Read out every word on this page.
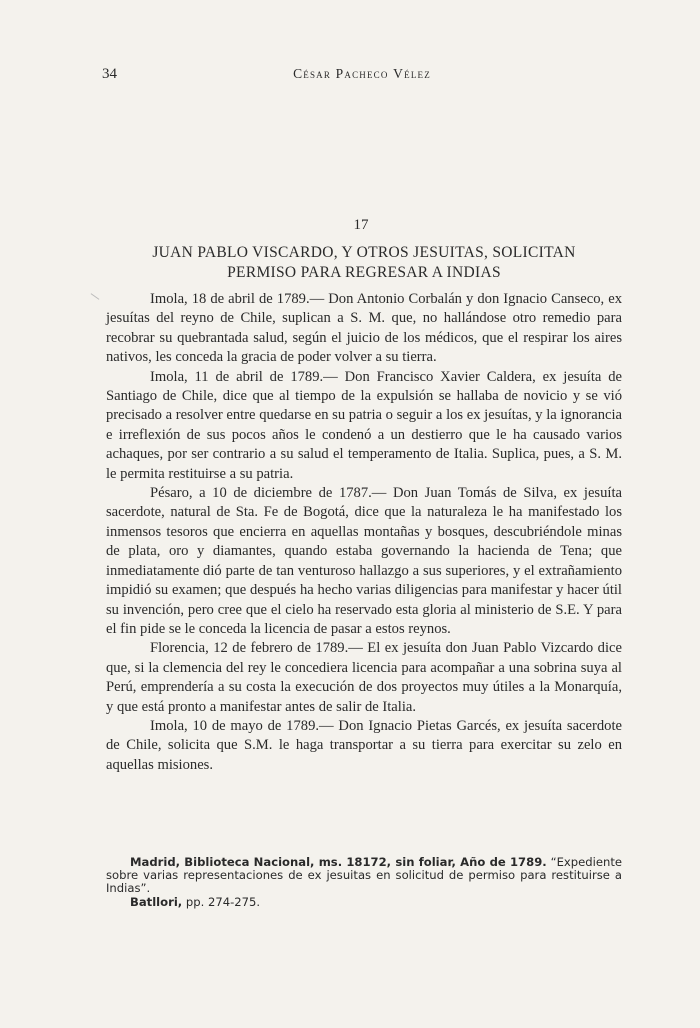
34	César Pacheco Vélez
17
JUAN PABLO VISCARDO, Y OTROS JESUITAS, SOLICITAN
PERMISO PARA REGRESAR A INDIAS

Imola, 18 de abril de 1789.— Don Antonio Corbalán y don Ignacio Canseco, ex jesuítas del reyno de Chile, suplican a S. M. que, no hallándose otro remedio para recobrar su quebrantada salud, según el juicio de los médicos, que el respirar los aires nativos, les conceda la gracia de poder volver a su tierra.

Imola, 11 de abril de 1789.— Don Francisco Xavier Caldera, ex jesuíta de Santiago de Chile, dice que al tiempo de la expulsión se hallaba de novicio y se vió precisado a resolver entre quedarse en su patria o seguir a los ex jesuítas, y la ignorancia e irreflexión de sus pocos años le condenó a un destierro que le ha causado varios achaques, por ser contrario a su salud el temperamento de Italia. Suplica, pues, a S. M. le permita restituirse a su patria.

Pésaro, a 10 de diciembre de 1787.— Don Juan Tomás de Silva, ex jesuíta sacerdote, natural de Sta. Fe de Bogotá, dice que la naturaleza le ha manifestado los inmensos tesoros que encierra en aquellas montañas y bosques, descubriéndole minas de plata, oro y diamantes, quando estaba governando la hacienda de Tena; que inmediatamente dió parte de tan venturoso hallazgo a sus superiores, y el extrañamiento impidió su examen; que después ha hecho varias diligencias para manifestar y hacer útil su invención, pero cree que el cielo ha reservado esta gloria al ministerio de S.E. Y para el fin pide se le conceda la licencia de pasar a estos reynos.

Florencia, 12 de febrero de 1789.— El ex jesuíta don Juan Pablo Vizcardo dice que, si la clemencia del rey le concediera licencia para acompañar a una sobrina suya al Perú, emprendería a su costa la execución de dos proyectos muy útiles a la Monarquía, y que está pronto a manifestar antes de salir de Italia.

Imola, 10 de mayo de 1789.— Don Ignacio Pietas Garcés, ex jesuíta sacerdote de Chile, solicita que S.M. le haga transportar a su tierra para exercitar su zelo en aquellas misiones.

Madrid, Biblioteca Nacional, ms. 18172, sin foliar, Año de 1789. “Expediente sobre varias representaciones de ex jesuitas en solicitud de permiso para restituirse a Indias”.

Batllori, pp. 274-275.
